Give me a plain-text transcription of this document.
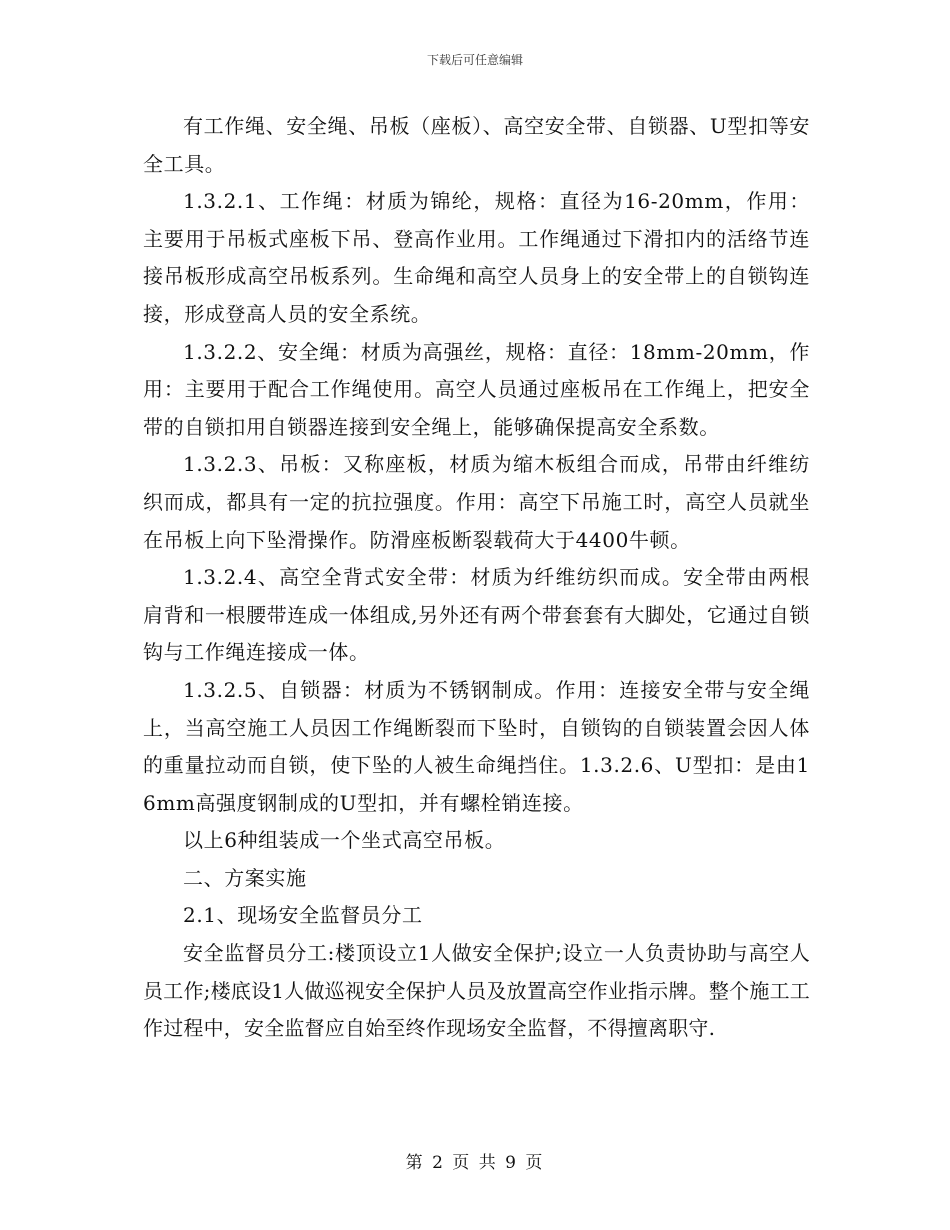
下载后可任意编辑

有工作绳、安全绳、吊板（座板）、高空安全带、自锁器、U型扣等安全工具。

1.3.2.1、工作绳：材质为锦纶，规格：直径为16-20mm，作用：主要用于吊板式座板下吊、登高作业用。工作绳通过下滑扣内的活络节连接吊板形成高空吊板系列。生命绳和高空人员身上的安全带上的自锁钩连接，形成登高人员的安全系统。

1.3.2.2、安全绳：材质为高强丝，规格：直径：18mm-20mm，作用：主要用于配合工作绳使用。高空人员通过座板吊在工作绳上，把安全带的自锁扣用自锁器连接到安全绳上，能够确保提高安全系数。

1.3.2.3、吊板：又称座板，材质为缩木板组合而成，吊带由纤维纺织而成，都具有一定的抗拉强度。作用：高空下吊施工时，高空人员就坐在吊板上向下坠滑操作。防滑座板断裂载荷大于4400牛顿。

1.3.2.4、高空全背式安全带：材质为纤维纺织而成。安全带由两根肩背和一根腰带连成一体组成,另外还有两个带套套有大脚处，它通过自锁钩与工作绳连接成一体。

1.3.2.5、自锁器：材质为不锈钢制成。作用：连接安全带与安全绳上，当高空施工人员因工作绳断裂而下坠时，自锁钩的自锁装置会因人体的重量拉动而自锁，使下坠的人被生命绳挡住。1.3.2.6、U型扣：是由16mm高强度钢制成的U型扣，并有螺栓销连接。

以上6种组装成一个坐式高空吊板。

二、方案实施

2.1、现场安全监督员分工

安全监督员分工:楼顶设立1人做安全保护;设立一人负责协助与高空人员工作;楼底设1人做巡视安全保护人员及放置高空作业指示牌。整个施工工作过程中，安全监督应自始至终作现场安全监督，不得擅离职守.

第 2 页 共 9 页
